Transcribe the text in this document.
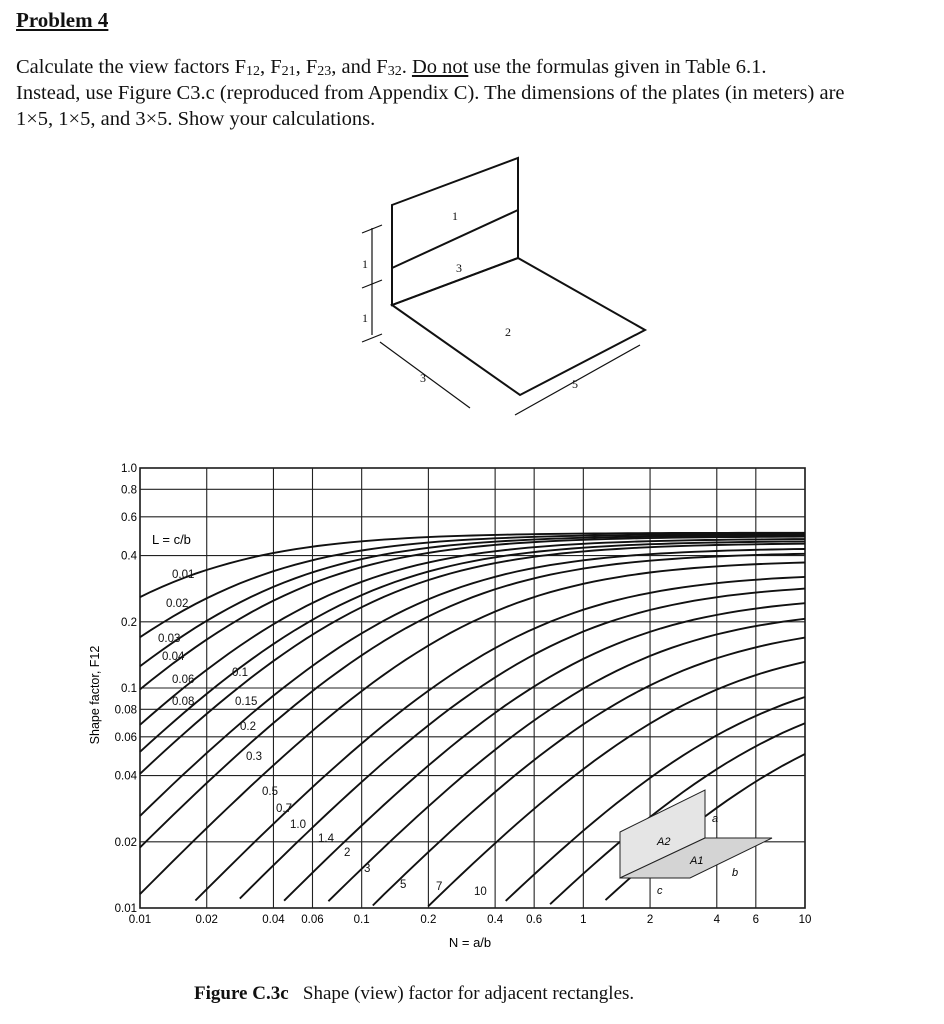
Problem 4
Calculate the view factors $F_{12}$, $F_{21}$, $F_{23}$, and $F_{32}$. Do not use the formulas given in Table 6.1.
Instead, use Figure C3.c (reproduced from Appendix C). The dimensions of the plates (in meters) are
1×5, 1×5, and 3×5. Show your calculations.
1
3
2
3	5
1
1
0.01	0.02	0.04 0.06	0.1	0.2	0.4 0.6	1	2	4	6	10
0.01
0.02
0.04
0.06
0.08
0.1
0.2
0.4
0.6
0.8
1.0
0.01
0.02
0.03
0.04
0.06
0.08
0.1
0.15
0.2
0.3
0.5
0.7
1.0
1.4
2
3
5	7	10
Shape factor, F12
N = a/b
L = c/b
A2
A1
a
b
c
Figure C.3c Shape (view) factor for adjacent rectangles.
